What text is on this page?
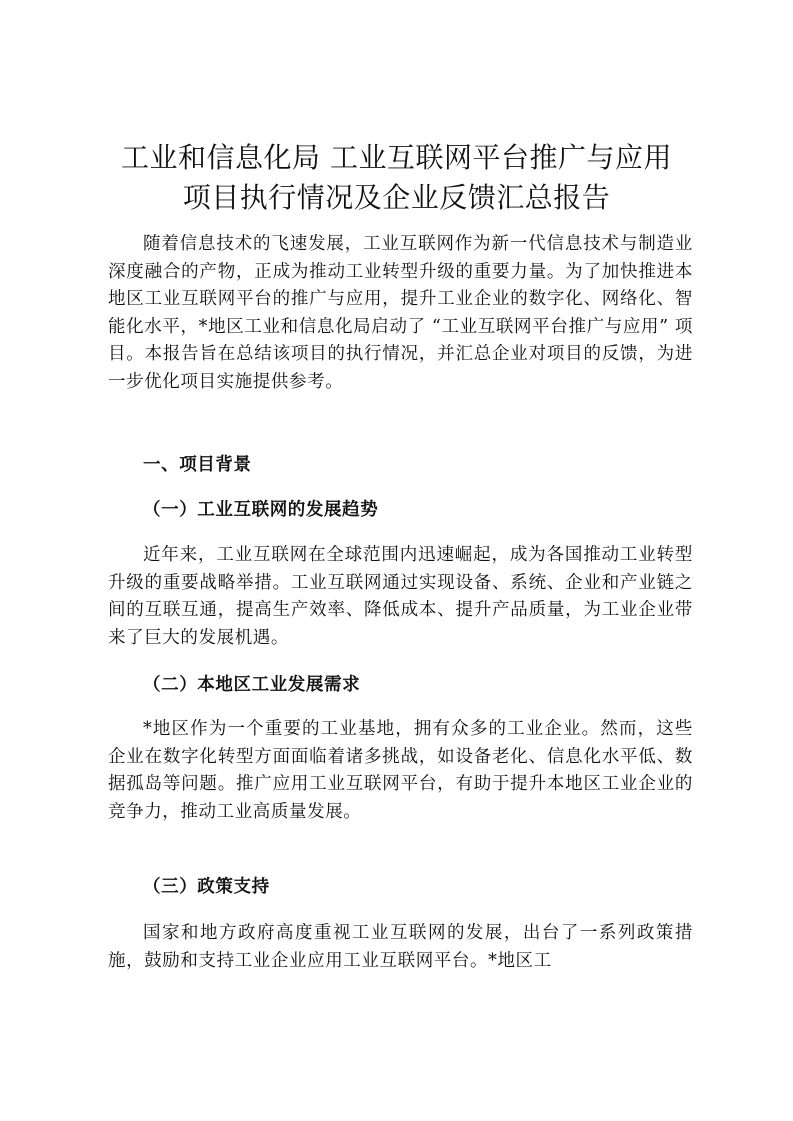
工业和信息化局 工业互联网平台推广与应用
项目执行情况及企业反馈汇总报告

随着信息技术的飞速发展，工业互联网作为新一代信息技术与制造业深度融合的产物，正成为推动工业转型升级的重要力量。为了加快推进本地区工业互联网平台的推广与应用，提升工业企业的数字化、网络化、智能化水平，*地区工业和信息化局启动了 “工业互联网平台推广与应用” 项目。本报告旨在总结该项目的执行情况，并汇总企业对项目的反馈，为进一步优化项目实施提供参考。

一、项目背景

（一）工业互联网的发展趋势

近年来，工业互联网在全球范围内迅速崛起，成为各国推动工业转型升级的重要战略举措。工业互联网通过实现设备、系统、企业和产业链之间的互联互通，提高生产效率、降低成本、提升产品质量，为工业企业带来了巨大的发展机遇。

（二）本地区工业发展需求

*地区作为一个重要的工业基地，拥有众多的工业企业。然而，这些企业在数字化转型方面面临着诸多挑战，如设备老化、信息化水平低、数据孤岛等问题。推广应用工业互联网平台，有助于提升本地区工业企业的竞争力，推动工业高质量发展。

（三）政策支持

国家和地方政府高度重视工业互联网的发展，出台了一系列政策措施，鼓励和支持工业企业应用工业互联网平台。*地区工
